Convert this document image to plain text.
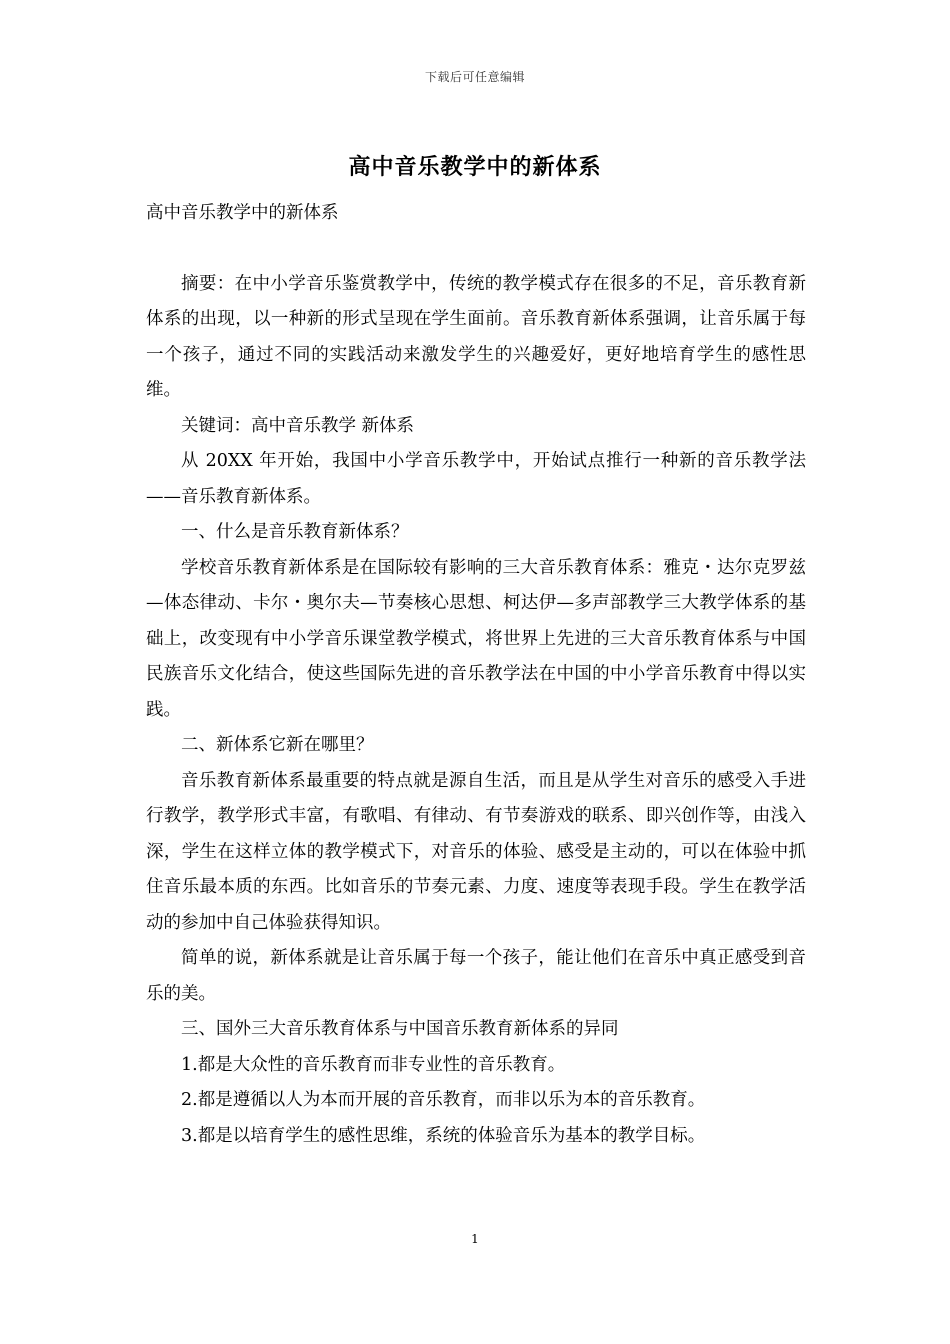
下载后可任意编辑
高中音乐教学中的新体系

高中音乐教学中的新体系

摘要：在中小学音乐鉴赏教学中，传统的教学模式存在很多的不足，音乐教育新体系的出现，以一种新的形式呈现在学生面前。音乐教育新体系强调，让音乐属于每一个孩子，通过不同的实践活动来激发学生的兴趣爱好，更好地培育学生的感性思维。

关键词：高中音乐教学 新体系

从 20XX 年开始，我国中小学音乐教学中，开始试点推行一种新的音乐教学法——音乐教育新体系。

一、什么是音乐教育新体系？

学校音乐教育新体系是在国际较有影响的三大音乐教育体系：雅克・达尔克罗兹—体态律动、卡尔・奥尔夫—节奏核心思想、柯达伊—多声部教学三大教学体系的基础上，改变现有中小学音乐课堂教学模式，将世界上先进的三大音乐教育体系与中国民族音乐文化结合，使这些国际先进的音乐教学法在中国的中小学音乐教育中得以实践。

二、新体系它新在哪里？

音乐教育新体系最重要的特点就是源自生活，而且是从学生对音乐的感受入手进行教学，教学形式丰富，有歌唱、有律动、有节奏游戏的联系、即兴创作等，由浅入深，学生在这样立体的教学模式下，对音乐的体验、感受是主动的，可以在体验中抓住音乐最本质的东西。比如音乐的节奏元素、力度、速度等表现手段。学生在教学活动的参加中自己体验获得知识。

简单的说，新体系就是让音乐属于每一个孩子，能让他们在音乐中真正感受到音乐的美。

三、国外三大音乐教育体系与中国音乐教育新体系的异同

1.都是大众性的音乐教育而非专业性的音乐教育。

2.都是遵循以人为本而开展的音乐教育，而非以乐为本的音乐教育。

3.都是以培育学生的感性思维，系统的体验音乐为基本的教学目标。

1
